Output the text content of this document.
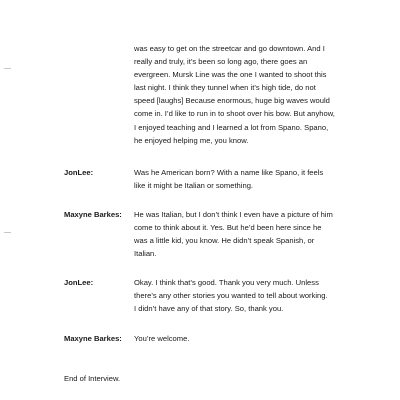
was easy to get on the streetcar and go downtown. And I
really and truly, it’s been so long ago, there goes an
evergreen. Mursk Line was the one I wanted to shoot this
last night. I think they tunnel when it’s high tide, do not
speed [laughs] Because enormous, huge big waves would
come in. I’d like to run in to shoot over his bow. But anyhow,
I enjoyed teaching and I learned a lot from Spano. Spano,
he enjoyed helping me, you know.
JonLee:	Was he American born? With a name like Spano, it feels
like it might be Italian or something.
Maxyne Barkes: He was Italian, but I don’t think I even have a picture of him
come to think about it. Yes. But he’d been here since he
was a little kid, you know. He didn’t speak Spanish, or
Italian.
JonLee:	Okay. I think that’s good. Thank you very much. Unless
there’s any other stories you wanted to tell about working.
I didn’t have any of that story. So, thank you.
Maxyne Barkes: You’re welcome.
End of Interview.
